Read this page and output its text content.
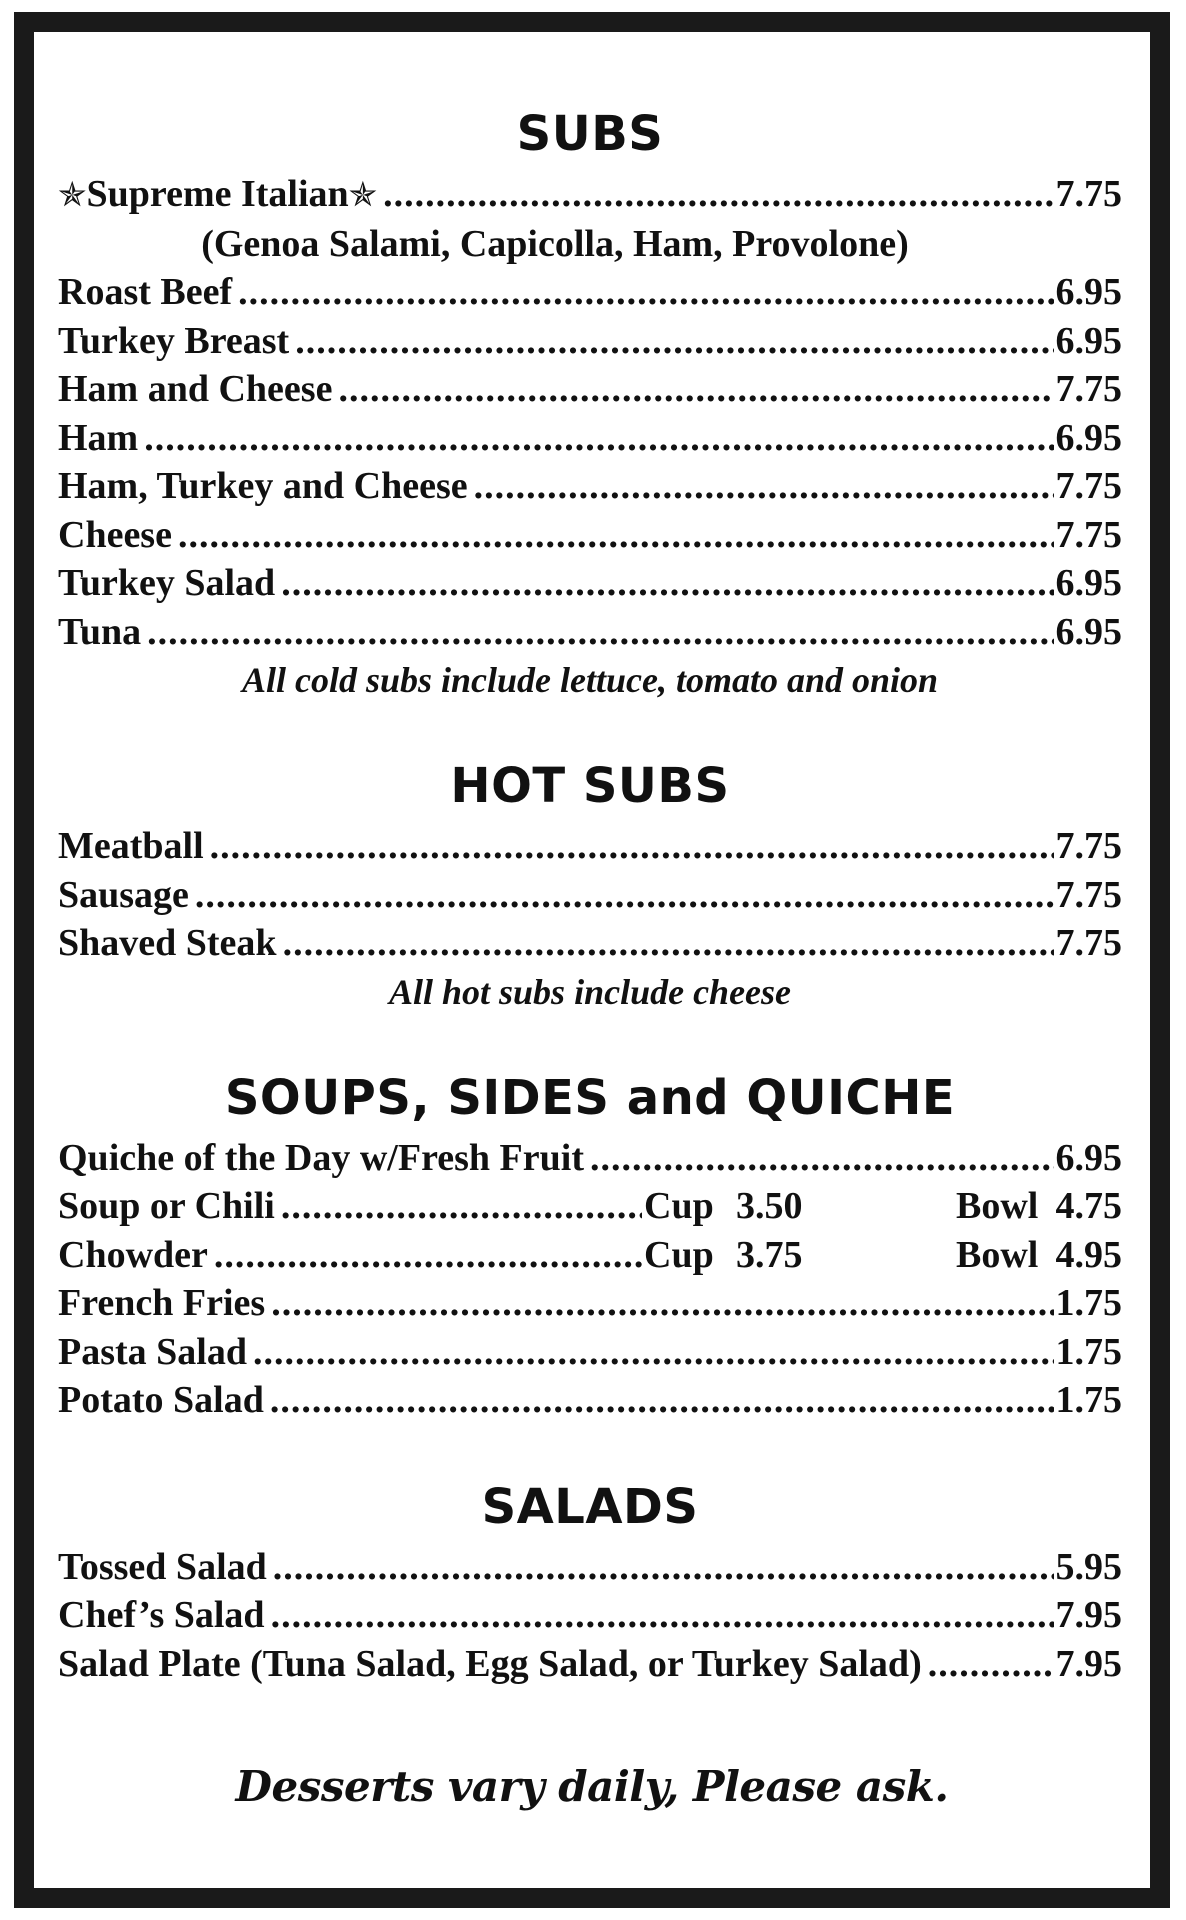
SUBS
✯Supreme Italian✯ .....	7.75
(Genoa Salami, Capicolla, Ham, Provolone)
Roast Beef .....	6.95
Turkey Breast .....	6.95
Ham and Cheese .....	7.75
Ham .....	6.95
Ham, Turkey and Cheese .....	7.75
Cheese .....	7.75
Turkey Salad .....	6.95
Tuna .....	6.95
All cold subs include lettuce, tomato and onion
HOT SUBS
Meatball .....	7.75
Sausage .....	7.75
Shaved Steak .....	7.75
All hot subs include cheese
SOUPS, SIDES and QUICHE
Quiche of the Day w/Fresh Fruit .....	6.95
Soup or Chili .....	Cup 3.50	Bowl 4.75
Chowder .....	Cup 3.75	Bowl 4.95
French Fries .....	1.75
Pasta Salad .....	1.75
Potato Salad .....	1.75
SALADS
Tossed Salad .....	5.95
Chef’s Salad .....	7.95
Salad Plate (Tuna Salad, Egg Salad, or Turkey Salad) .....	7.95
Desserts vary daily, Please ask.
